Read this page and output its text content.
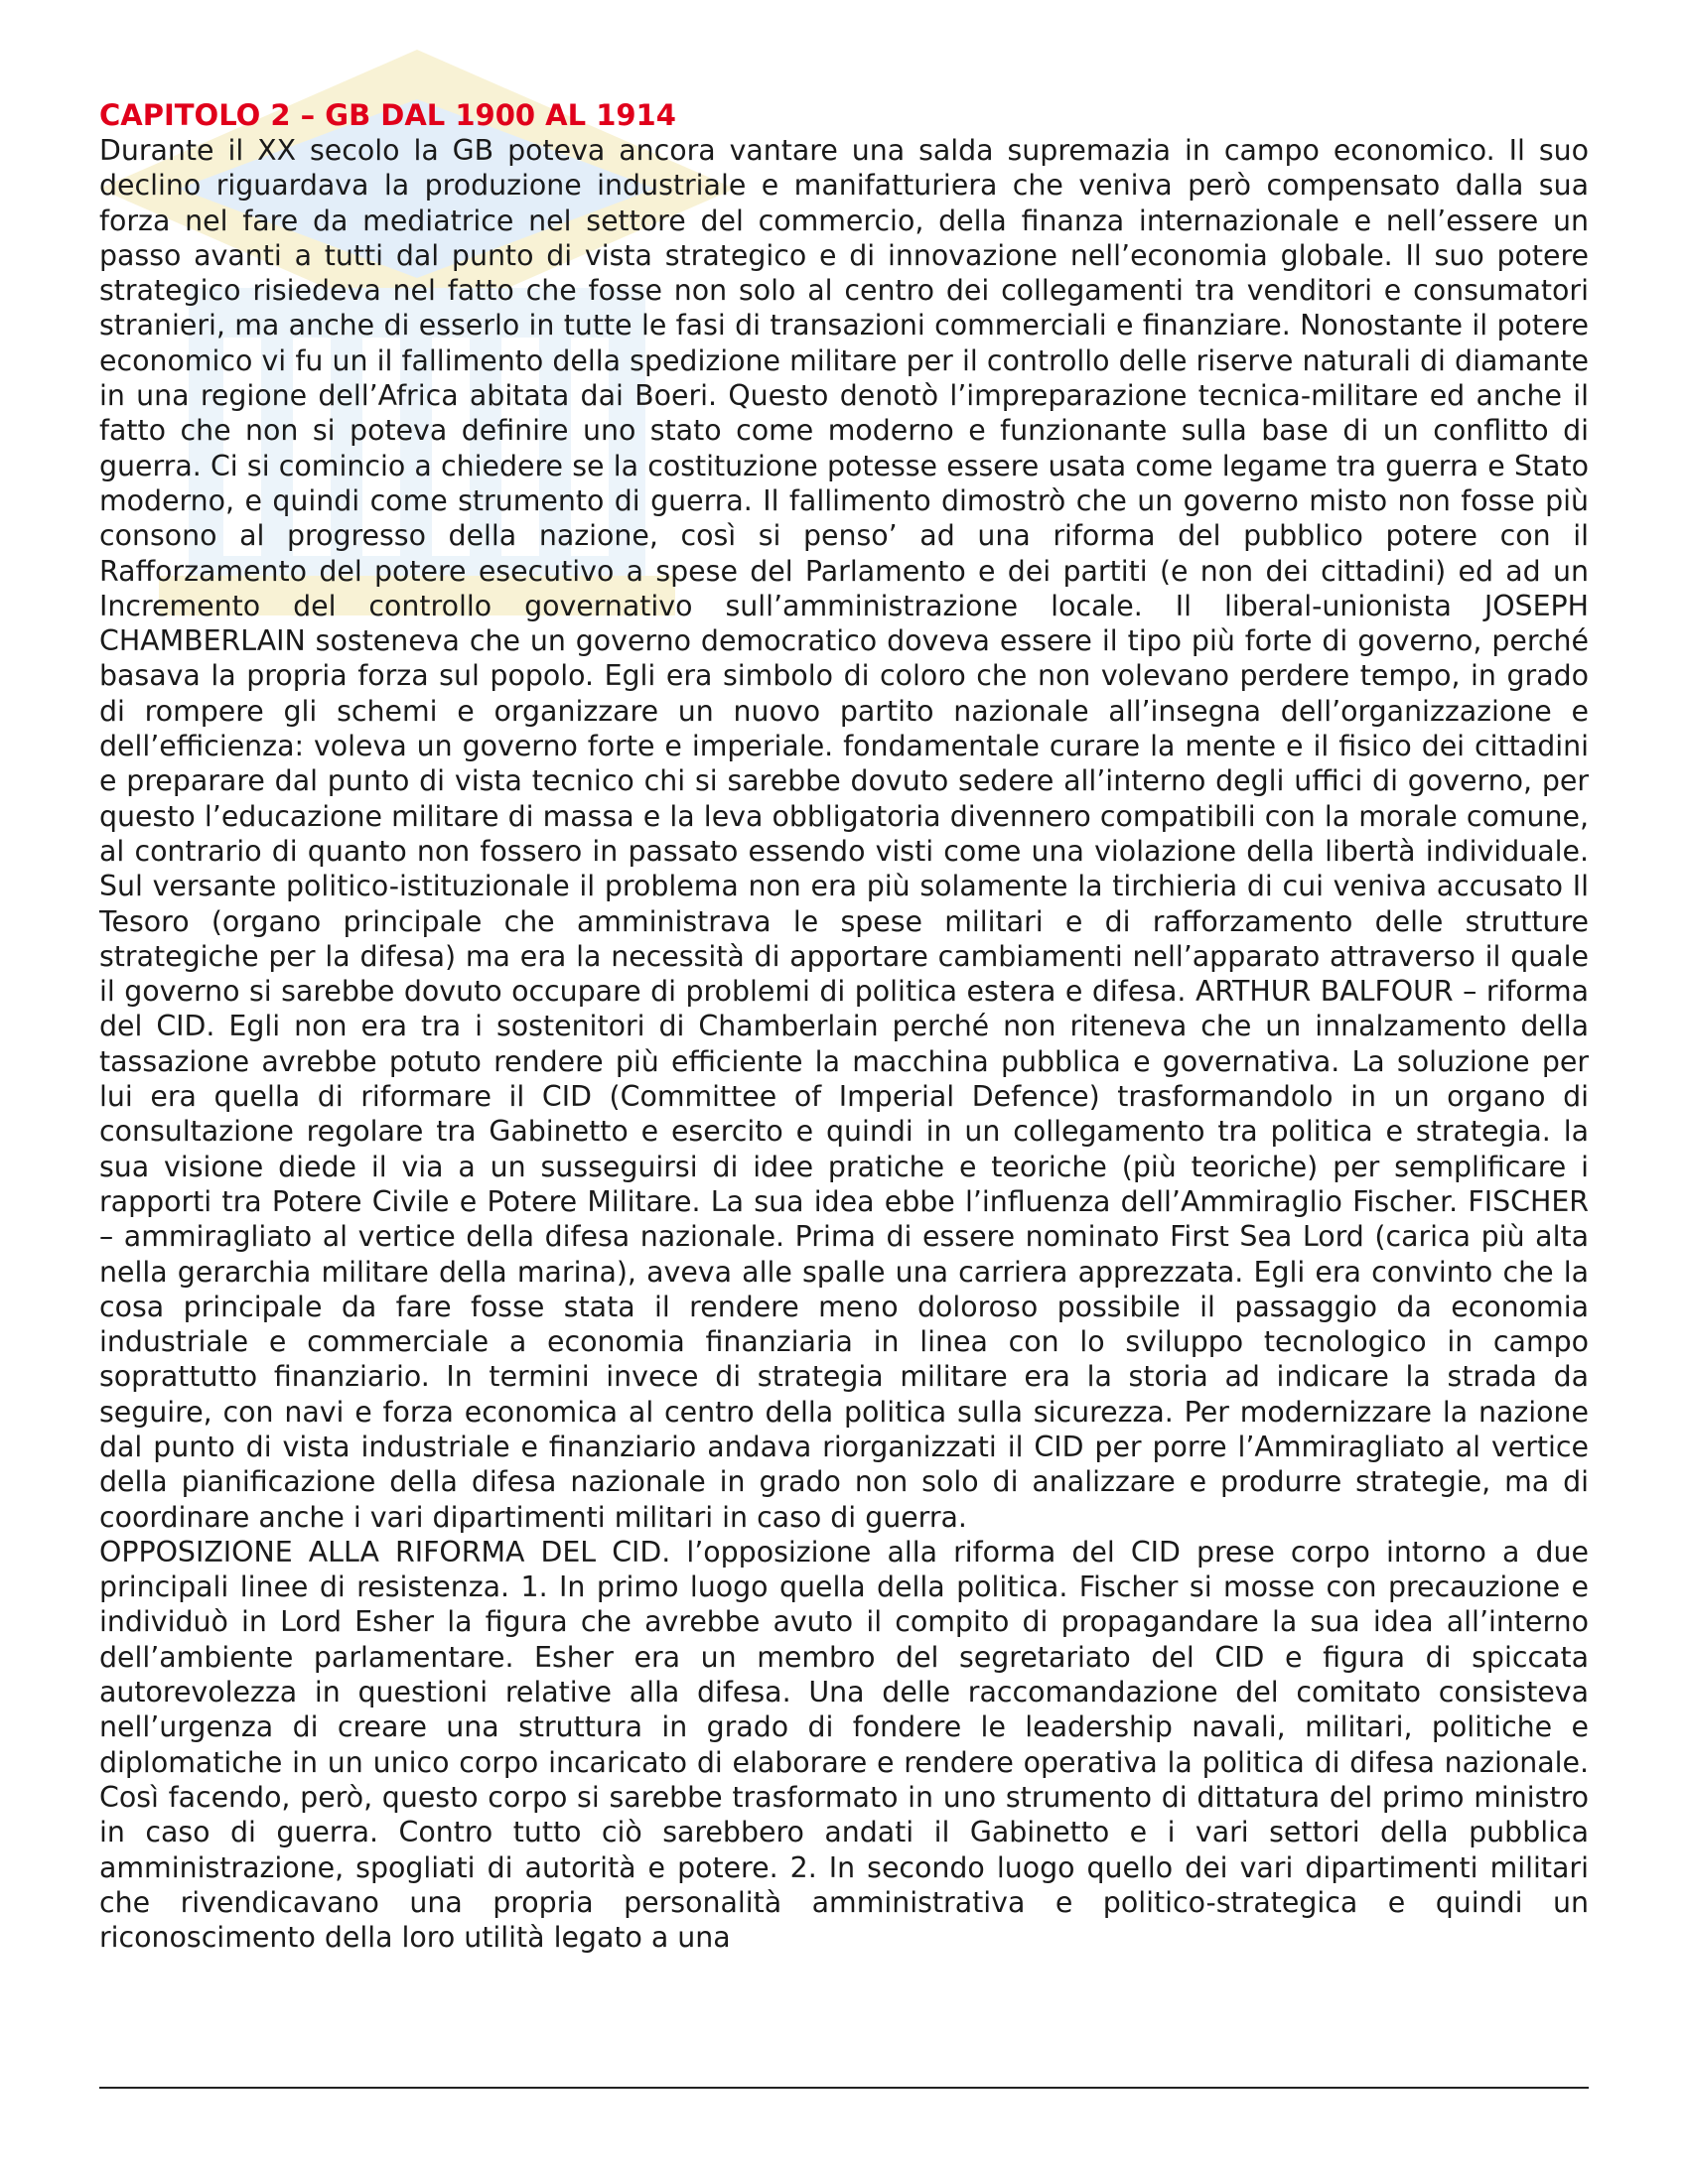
CAPITOLO 2 – GB DAL 1900 AL 1914

Durante il XX secolo la GB poteva ancora vantare una salda supremazia in campo economico. Il suo declino riguardava la produzione industriale e manifatturiera che veniva però compensato dalla sua forza nel fare da mediatrice nel settore del commercio, della finanza internazionale e nell’essere un passo avanti a tutti dal punto di vista strategico e di innovazione nell’economia globale. Il suo potere strategico risiedeva nel fatto che fosse non solo al centro dei collegamenti tra venditori e consumatori stranieri, ma anche di esserlo in tutte le fasi di transazioni commerciali e finanziare. Nonostante il potere economico vi fu un il fallimento della spedizione militare per il controllo delle riserve naturali di diamante in una regione dell’Africa abitata dai Boeri. Questo denotò l’impreparazione tecnica-militare ed anche il fatto che non si poteva definire uno stato come moderno e funzionante sulla base di un conflitto di guerra. Ci si comincio a chiedere se la costituzione potesse essere usata come legame tra guerra e Stato moderno, e quindi come strumento di guerra. Il fallimento dimostrò che un governo misto non fosse più consono al progresso della nazione, così si penso’ ad una riforma del pubblico potere con il Rafforzamento del potere esecutivo a spese del Parlamento e dei partiti (e non dei cittadini) ed ad un Incremento del controllo governativo sull’amministrazione locale. Il liberal-unionista JOSEPH CHAMBERLAIN sosteneva che un governo democratico doveva essere il tipo più forte di governo, perché basava la propria forza sul popolo. Egli era simbolo di coloro che non volevano perdere tempo, in grado di rompere gli schemi e organizzare un nuovo partito nazionale all’insegna dell’organizzazione e dell’efficienza: voleva un governo forte e imperiale. fondamentale curare la mente e il fisico dei cittadini e preparare dal punto di vista tecnico chi si sarebbe dovuto sedere all’interno degli uffici di governo, per questo l’educazione militare di massa e la leva obbligatoria divennero compatibili con la morale comune, al contrario di quanto non fossero in passato essendo visti come una violazione della libertà individuale. Sul versante politico-istituzionale il problema non era più solamente la tirchieria di cui veniva accusato Il Tesoro (organo principale che amministrava le spese militari e di rafforzamento delle strutture strategiche per la difesa) ma era la necessità di apportare cambiamenti nell’apparato attraverso il quale il governo si sarebbe dovuto occupare di problemi di politica estera e difesa. ARTHUR BALFOUR – riforma del CID. Egli non era tra i sostenitori di Chamberlain perché non riteneva che un innalzamento della tassazione avrebbe potuto rendere più efficiente la macchina pubblica e governativa. La soluzione per lui era quella di riformare il CID (Committee of Imperial Defence) trasformandolo in un organo di consultazione regolare tra Gabinetto e esercito e quindi in un collegamento tra politica e strategia. la sua visione diede il via a un susseguirsi di idee pratiche e teoriche (più teoriche) per semplificare i rapporti tra Potere Civile e Potere Militare. La sua idea ebbe l’influenza dell’Ammiraglio Fischer. FISCHER – ammiragliato al vertice della difesa nazionale. Prima di essere nominato First Sea Lord (carica più alta nella gerarchia militare della marina), aveva alle spalle una carriera apprezzata. Egli era convinto che la cosa principale da fare fosse stata il rendere meno doloroso possibile il passaggio da economia industriale e commerciale a economia finanziaria in linea con lo sviluppo tecnologico in campo soprattutto finanziario. In termini invece di strategia militare era la storia ad indicare la strada da seguire, con navi e forza economica al centro della politica sulla sicurezza. Per modernizzare la nazione dal punto di vista industriale e finanziario andava riorganizzati il CID per porre l’Ammiragliato al vertice della pianificazione della difesa nazionale in grado non solo di analizzare e produrre strategie, ma di coordinare anche i vari dipartimenti militari in caso di guerra.

OPPOSIZIONE ALLA RIFORMA DEL CID. l’opposizione alla riforma del CID prese corpo intorno a due principali linee di resistenza. 1. In primo luogo quella della politica. Fischer si mosse con precauzione e individuò in Lord Esher la figura che avrebbe avuto il compito di propagandare la sua idea all’interno dell’ambiente parlamentare. Esher era un membro del segretariato del CID e figura di spiccata autorevolezza in questioni relative alla difesa. Una delle raccomandazione del comitato consisteva nell’urgenza di creare una struttura in grado di fondere le leadership navali, militari, politiche e diplomatiche in un unico corpo incaricato di elaborare e rendere operativa la politica di difesa nazionale. Così facendo, però, questo corpo si sarebbe trasformato in uno strumento di dittatura del primo ministro in caso di guerra. Contro tutto ciò sarebbero andati il Gabinetto e i vari settori della pubblica amministrazione, spogliati di autorità e potere. 2. In secondo luogo quello dei vari dipartimenti militari che rivendicavano una propria personalità amministrativa e politico-strategica e quindi un riconoscimento della loro utilità legato a una
